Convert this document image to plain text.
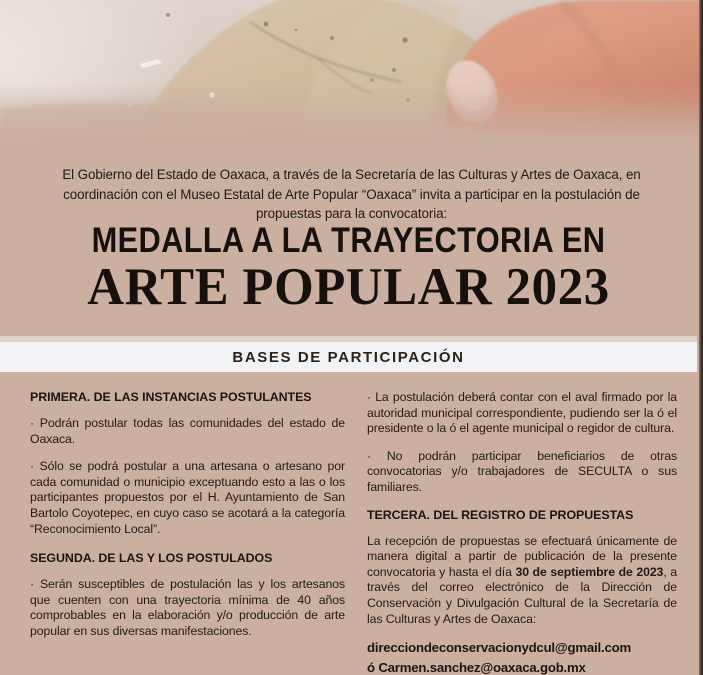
El Gobierno del Estado de Oaxaca, a través de la Secretaría de las Culturas y Artes de Oaxaca, en coordinación con el Museo Estatal de Arte Popular “Oaxaca” invita a participar en la postulación de propuestas para la convocatoria:

MEDALLA A LA TRAYECTORIA EN
ARTE POPULAR 2023
BASES DE PARTICIPACIÓN
PRIMERA. DE LAS INSTANCIAS POSTULANTES

· Podrán postular todas las comunidades del estado de Oaxaca.

· Sólo se podrá postular a una artesana o artesano por cada comunidad o municipio exceptuando esto a las o los participantes propuestos por el H. Ayuntamiento de San Bartolo Coyotepec, en cuyo caso se acotará a la categoría “Reconocimiento Local”.

SEGUNDA. DE LAS Y LOS POSTULADOS

· Serán susceptibles de postulación las y los artesanos que cuenten con una trayectoria mínima de 40 años comprobables en la elaboración y/o producción de arte popular en sus diversas manifestaciones.

· La postulación deberá contar con el aval firmado por la autoridad municipal correspondiente, pudiendo ser la ó el presidente o la ó el agente municipal o regidor de cultura.

· No podrán participar beneficiarios de otras convocatorias y/o trabajadores de SECULTA o sus familiares.

TERCERA. DEL REGISTRO DE PROPUESTAS

La recepción de propuestas se efectuará únicamente de manera digital a partir de publicación de la presente convocatoria y hasta el día 30 de septiembre de 2023, a través del correo electrónico de la Dirección de Conservación y Divulgación Cultural de la Secretaría de las Culturas y Artes de Oaxaca:

direcciondeconservacionydcul@gmail.com

ó Carmen.sanchez@oaxaca.gob.mx
